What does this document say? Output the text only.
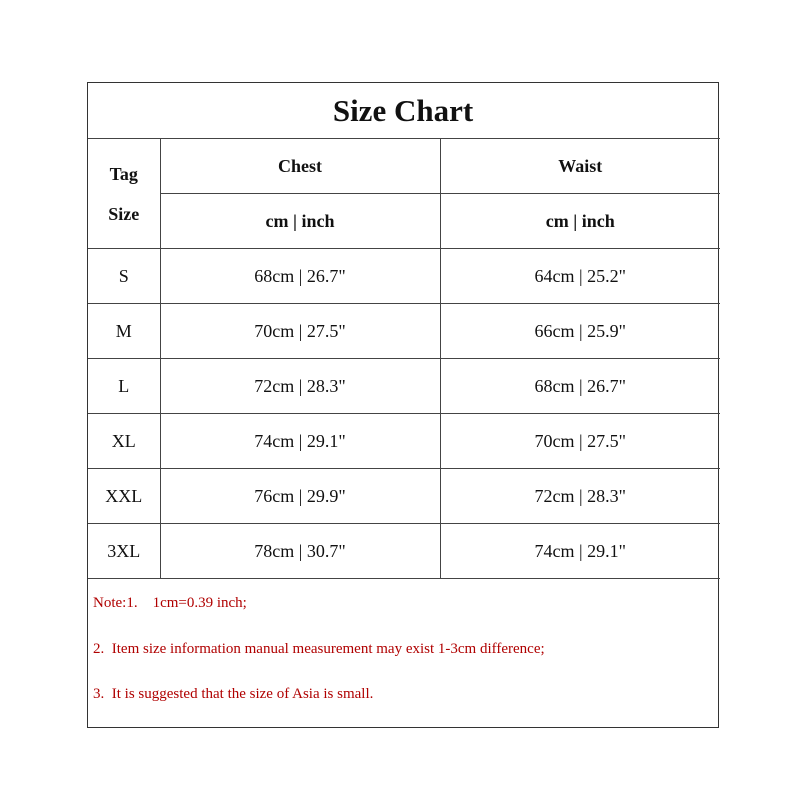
Size Chart
Tag
Size	Chest	Waist
	cm | inch	cm | inch
S	68cm | 26.7"	64cm | 25.2"
M	70cm | 27.5"	66cm | 25.9"
L	72cm | 28.3"	68cm | 26.7"
XL	74cm | 29.1"	70cm | 27.5"
XXL	76cm | 29.9"	72cm | 28.3"
3XL	78cm | 30.7"	74cm | 29.1"
Note:1.    1cm=0.39 inch;
2.  Item size information manual measurement may exist 1-3cm difference;
3.  It is suggested that the size of Asia is small.
